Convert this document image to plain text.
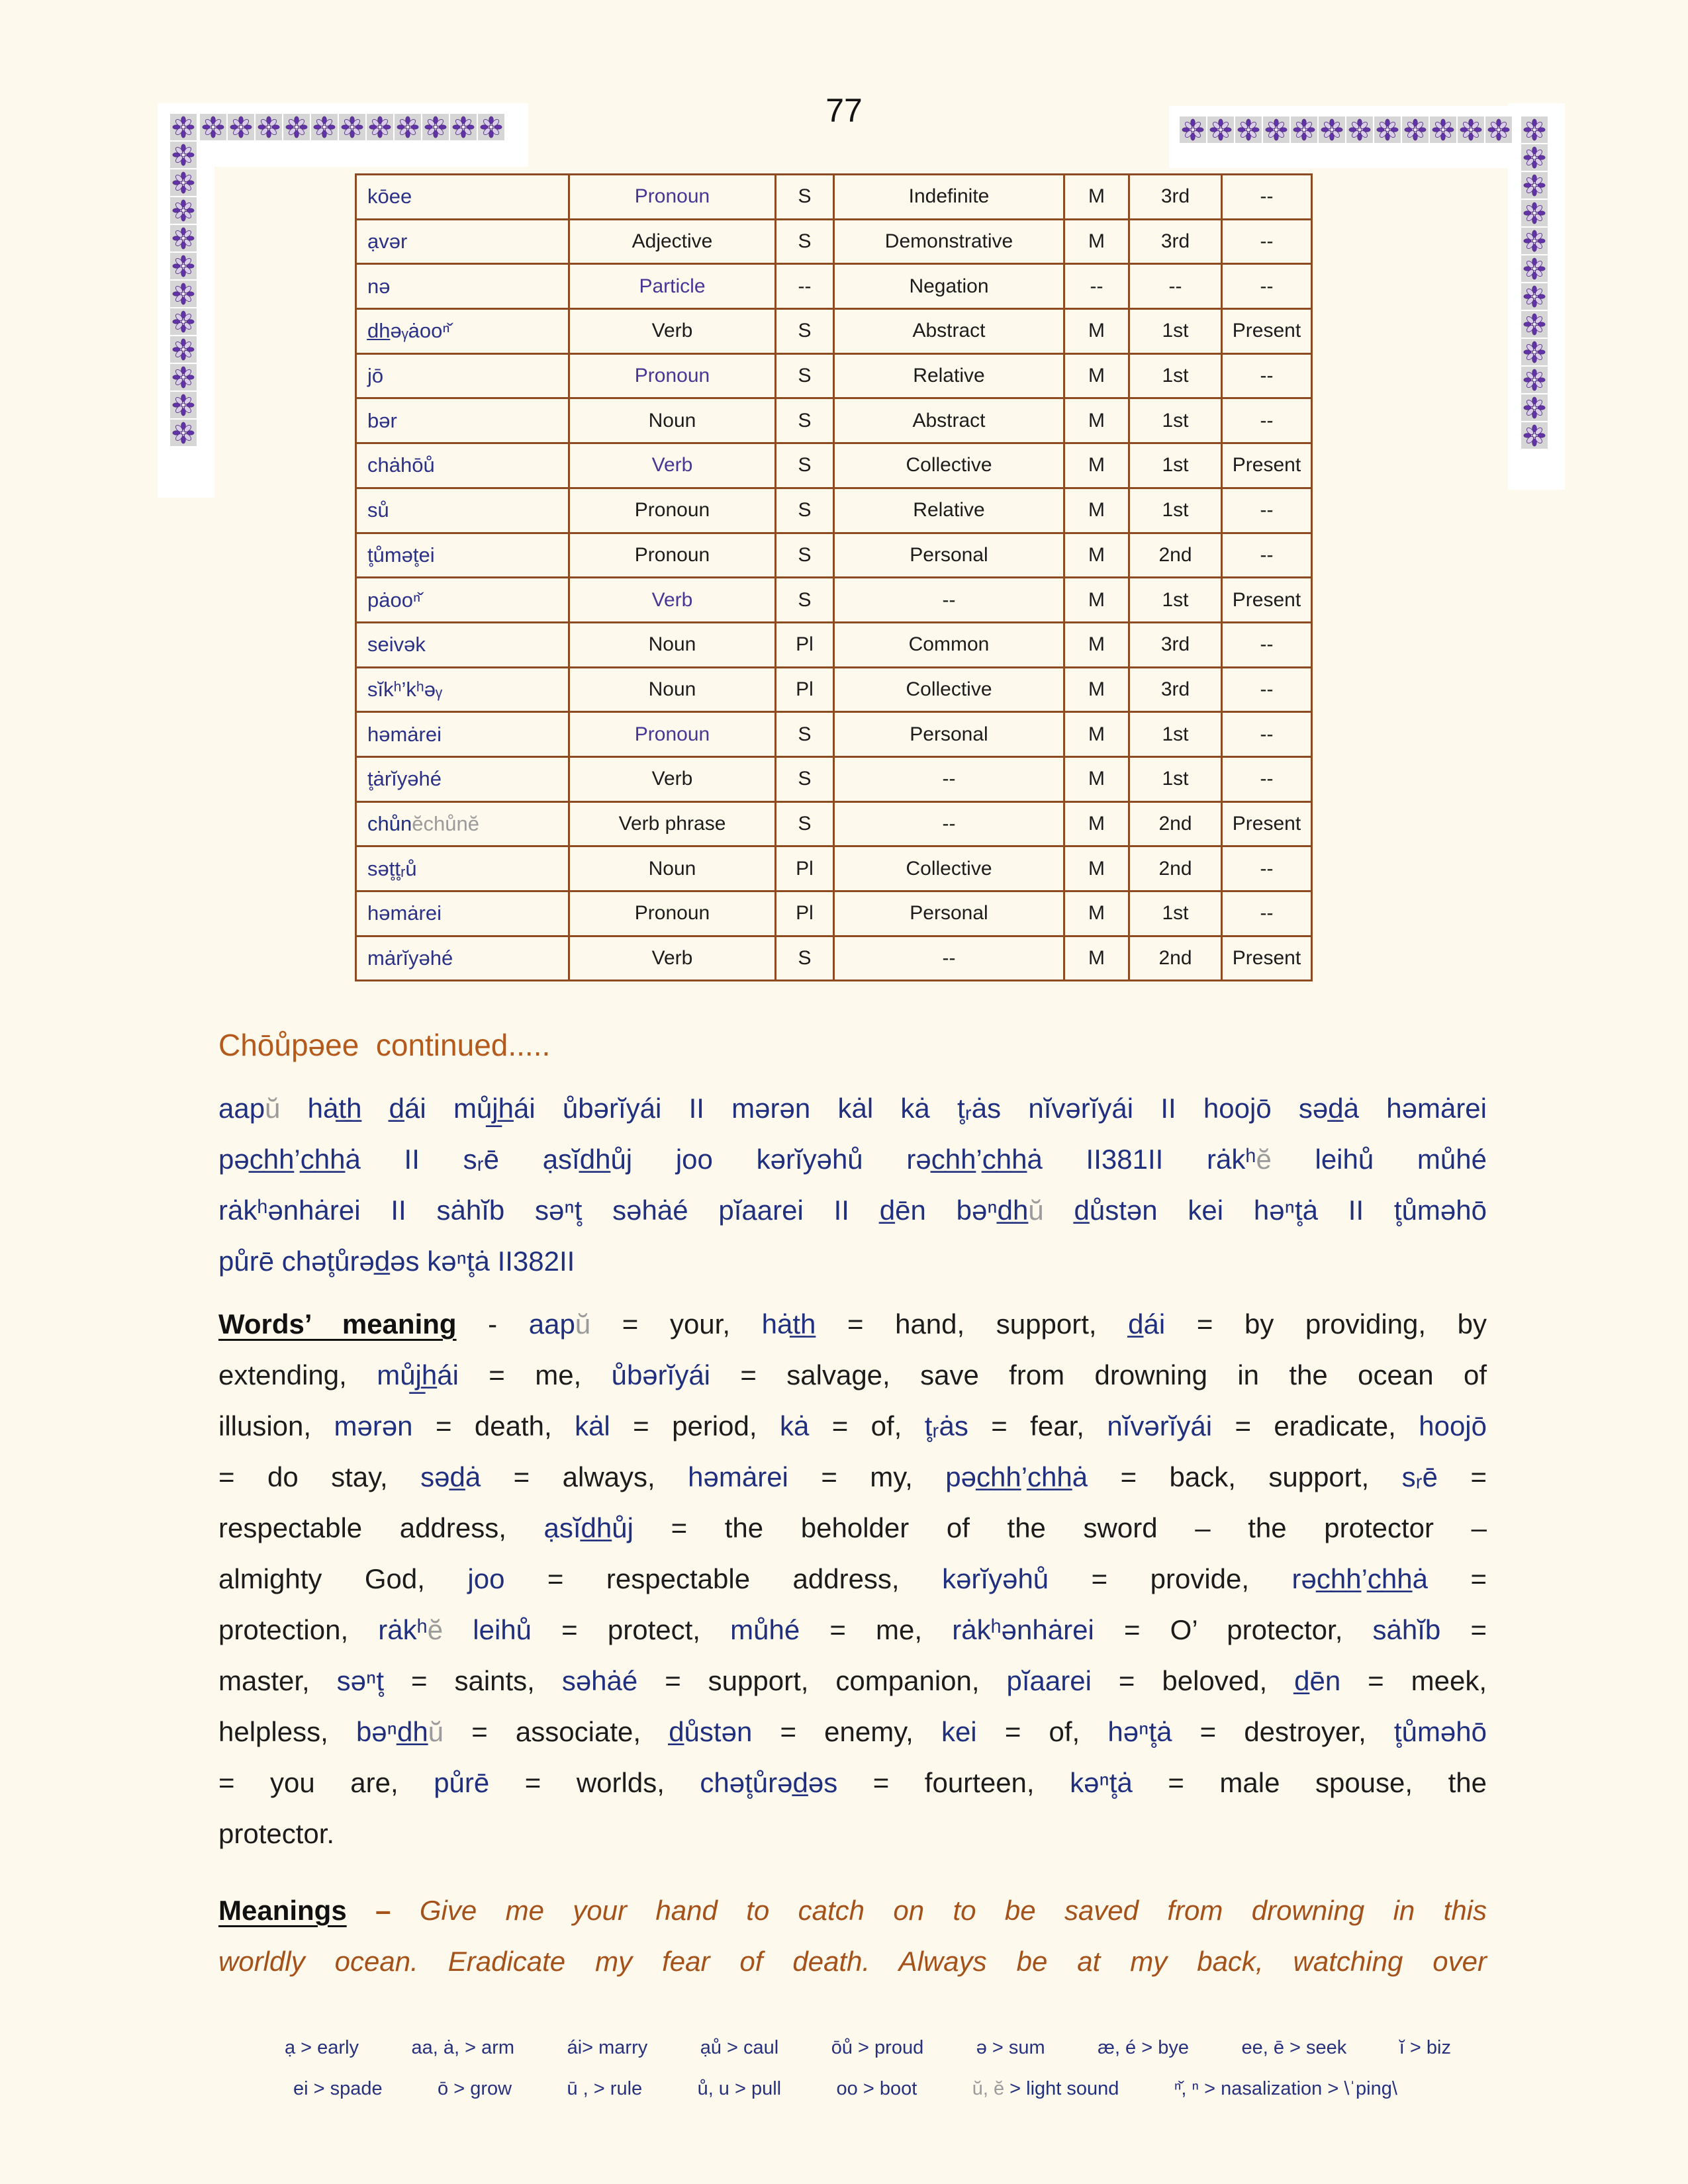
77
kōee	Pronoun	S	Indefinite	M	3rd	--
ạvər	Adjective	S	Demonstrative	M	3rd	--
nə	Particle	--	Negation	--	--	--
d̲h̲əᵧȧooⁿ̌	Verb	S	Abstract	M	1st	Present
jō	Pronoun	S	Relative	M	1st	--
bər	Noun	S	Abstract	M	1st	--
chȧhōů	Verb	S	Collective	M	1st	Present
sů	Pronoun	S	Relative	M	1st	--
t̥ůmət̥ei	Pronoun	S	Personal	M	2nd	--
pȧooⁿ̌	Verb	S	--	M	1st	Present
seivək	Noun	Pl	Common	M	3rd	--
sĭkʰ’kʰəᵧ	Noun	Pl	Collective	M	3rd	--
həmȧrei	Pronoun	S	Personal	M	1st	--
t̥ȧrĭyəhé	Verb	S	--	M	1st	--
chůn ĕ chůnĕ	Verb phrase	S	--	M	2nd	Present
sət̥t̥ᵣů	Noun	Pl	Collective	M	2nd	--
həmȧrei	Pronoun	Pl	Personal	M	1st	--
mȧrĭyəhé	Verb	S	--	M	2nd	Present
Chōůpəee  continued.....
aapŭ hȧt̲h̲ d̲ái můj̲h̲ái ůbərĭyái II mərən kȧl kȧ t̥ᵣȧs nĭvərĭyái II hoojō səd̲ȧ həmȧrei
pəc̲h̲h̲’c̲h̲h̲ȧ II sᵣē ạsĭd̲h̲ůj joo kərĭyəhů rəc̲h̲h̲’c̲h̲h̲ȧ II381II rȧkʰĕ leihů můhé
rȧkʰənhȧrei II sȧhĭb səⁿt̥ səhȧé pĭaarei II d̲ēn bəⁿd̲h̲ŭ d̲ůstən kei həⁿt̥ȧ II t̥ůməhō
půrē chət̥ůrəd̲əs kəⁿt̥ȧ II382II
Words’ meaning - aapŭ = your, hȧt̲h̲ = hand, support, d̲ái = by providing, by
extending, můj̲h̲ái = me, ůbərĭyái = salvage, save from drowning in the ocean of
illusion, mərən = death, kȧl = period, kȧ = of, t̥ᵣȧs = fear, nĭvərĭyái = eradicate, hoojō
= do stay, səd̲ȧ = always, həmȧrei = my, pəc̲h̲h̲’c̲h̲h̲ȧ = back, support, sᵣē =
respectable address, ạsĭd̲h̲ůj = the beholder of the sword – the protector –
almighty God, joo = respectable address, kərĭyəhů = provide, rəc̲h̲h̲’c̲h̲h̲ȧ =
protection, rȧkʰĕ leihů = protect, můhé = me, rȧkʰənhȧrei = O’ protector, sȧhĭb =
master, səⁿt̥ = saints, səhȧé = support, companion, pĭaarei = beloved, d̲ēn = meek,
helpless, bəⁿd̲h̲ŭ = associate, d̲ůstən = enemy, kei = of, həⁿt̥ȧ = destroyer, t̥ůməhō
= you are, půrē = worlds, chət̥ůrəd̲əs = fourteen, kəⁿt̥ȧ = male spouse, the
protector.
Meanings – Give me your hand to catch on to be saved from drowning in this
worldly ocean. Eradicate my fear of death. Always be at my back, watching over
ạ > early	aa, ȧ, > arm	ái> marry	ạů > caul	ōů > proud	ə > sum	æ, é > bye	ee, ē > seek	ĭ > biz
ei > spade	ō > grow	ū , > rule	ů, u > pull	oo > boot	ŭ, ĕ > light sound	ⁿ̌, ⁿ > nasalization > \ˈping\
